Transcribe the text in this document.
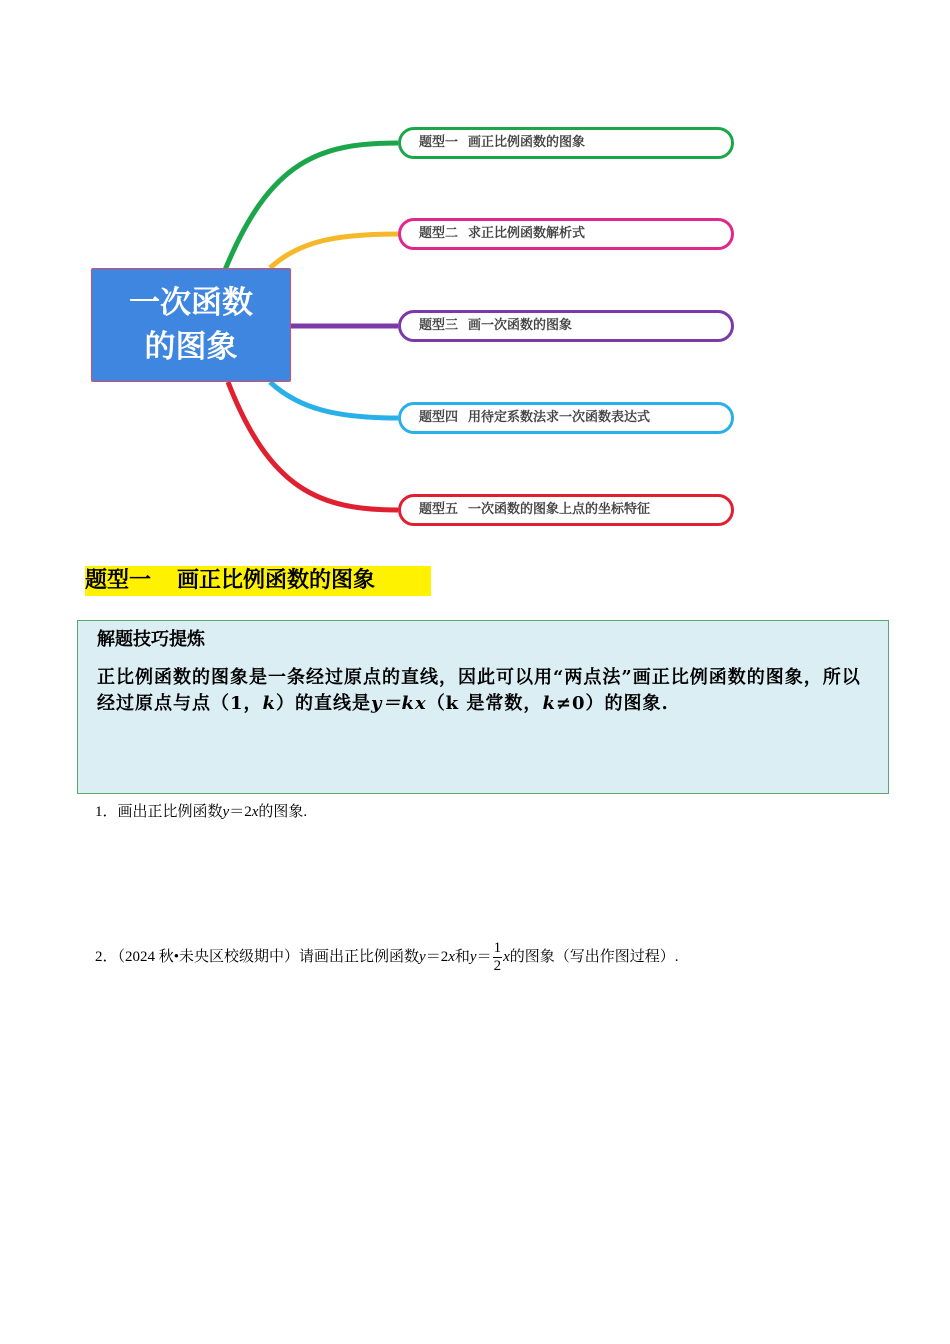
一次函数
的图象
题型一 画正比例函数的图象
题型二 求正比例函数解析式
题型三 画一次函数的图象
题型四 用待定系数法求一次函数表达式
题型五 一次函数的图象上点的坐标特征
题型一 画正比例函数的图象
解题技巧提炼
正比例函数的图象是一条经过原点的直线，因此可以用“两点法”画正比例函数的图象，所以经过原点与点（1，k）的直线是y＝kx（k 是常数，k≠0）的图象.
1．画出正比例函数y＝2x的图象.
2．（2024 秋•未央区校级期中）请画出正比例函数y＝2x和$y= \frac{1}{2}$ x的图象（写出作图过程）.
